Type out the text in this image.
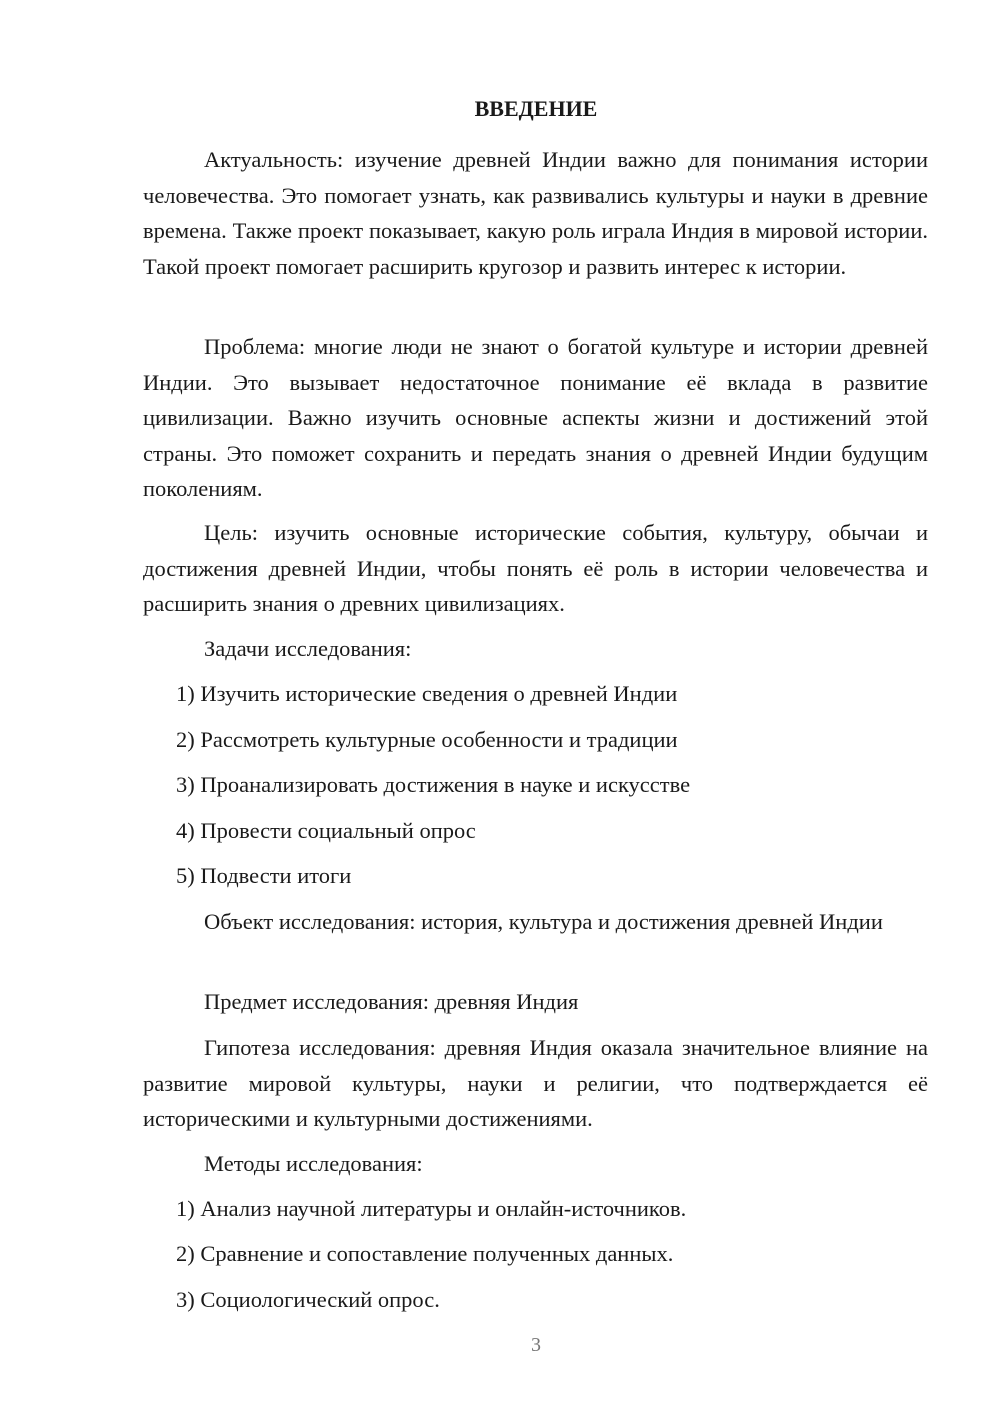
ВВЕДЕНИЕ

Актуальность: изучение древней Индии важно для понимания истории человечества. Это помогает узнать, как развивались культуры и науки в древние времена. Также проект показывает, какую роль играла Индия в мировой истории. Такой проект помогает расширить кругозор и развить интерес к истории.

Проблема: многие люди не знают о богатой культуре и истории древней Индии. Это вызывает недостаточное понимание её вклада в развитие цивилизации. Важно изучить основные аспекты жизни и достижений этой страны. Это поможет сохранить и передать знания о древней Индии будущим поколениям.

Цель: изучить основные исторические события, культуру, обычаи и достижения древней Индии, чтобы понять её роль в истории человечества и расширить знания о древних цивилизациях.

Задачи исследования:

1) Изучить исторические сведения о древней Индии

2) Рассмотреть культурные особенности и традиции

3) Проанализировать достижения в науке и искусстве

4) Провести социальный опрос

5) Подвести итоги

Объект исследования: история, культура и достижения древней Индии

Предмет исследования: древняя Индия

Гипотеза исследования: древняя Индия оказала значительное влияние на развитие мировой культуры, науки и религии, что подтверждается её историческими и культурными достижениями.

Методы исследования:

1) Анализ научной литературы и онлайн-источников.

2) Сравнение и сопоставление полученных данных.

3) Социологический опрос.

3
